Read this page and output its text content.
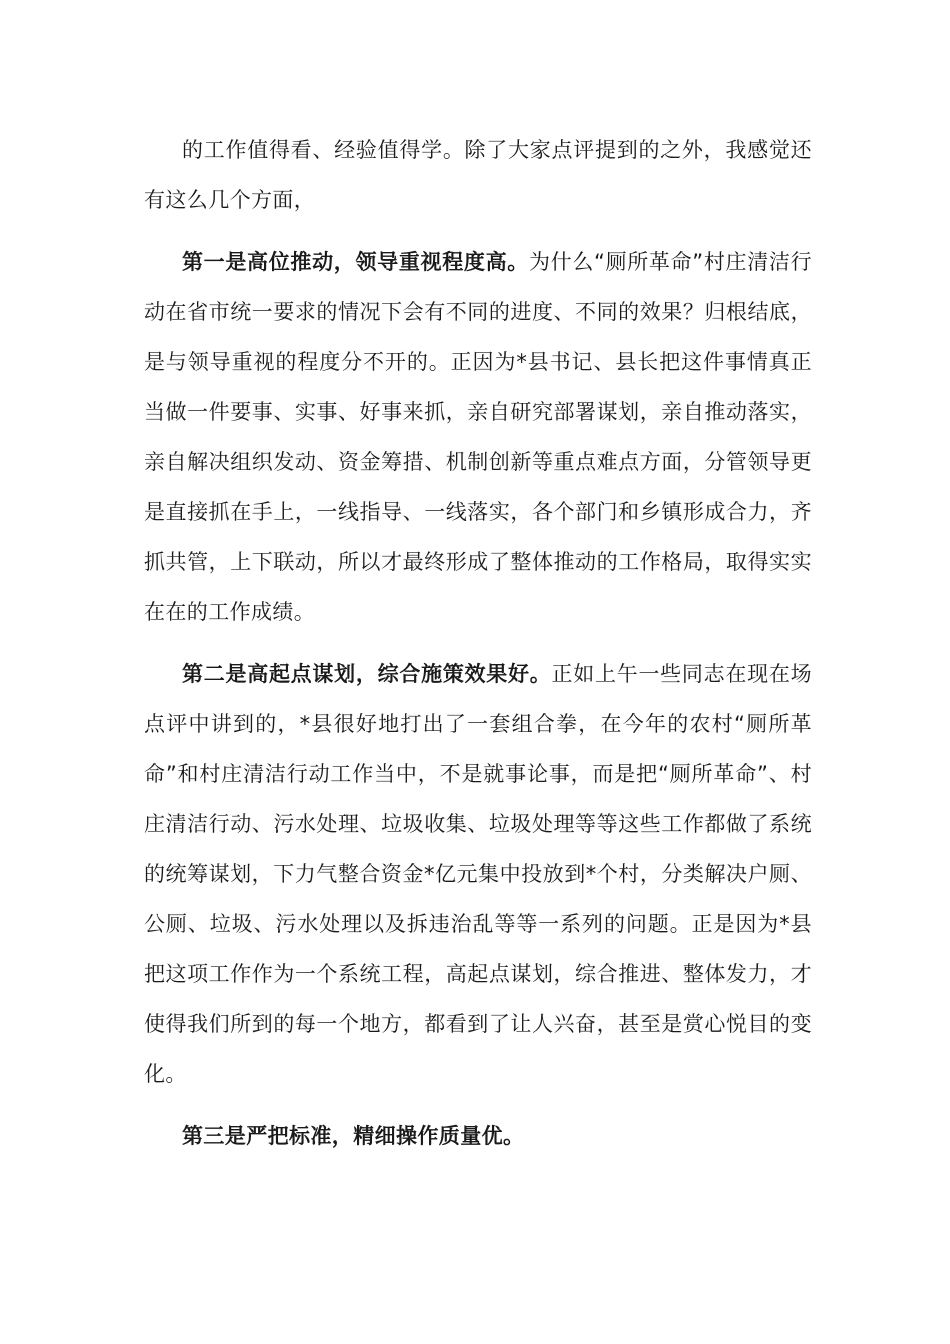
的工作值得看、经验值得学。除了大家点评提到的之外，我感觉还有这么几个方面，

第一是高位推动，领导重视程度高。为什么“厕所革命”村庄清洁行动在省市统一要求的情况下会有不同的进度、不同的效果？归根结底，是与领导重视的程度分不开的。正因为*县书记、县长把这件事情真正当做一件要事、实事、好事来抓，亲自研究部署谋划，亲自推动落实，亲自解决组织发动、资金筹措、机制创新等重点难点方面，分管领导更是直接抓在手上，一线指导、一线落实，各个部门和乡镇形成合力，齐抓共管，上下联动，所以才最终形成了整体推动的工作格局，取得实实在在的工作成绩。

第二是高起点谋划，综合施策效果好。正如上午一些同志在现在场点评中讲到的，*县很好地打出了一套组合拳，在今年的农村“厕所革命”和村庄清洁行动工作当中，不是就事论事，而是把“厕所革命”、村庄清洁行动、污水处理、垃圾收集、垃圾处理等等这些工作都做了系统的统筹谋划，下力气整合资金*亿元集中投放到*个村，分类解决户厕、公厕、垃圾、污水处理以及拆违治乱等等一系列的问题。正是因为*县把这项工作作为一个系统工程，高起点谋划，综合推进、整体发力，才使得我们所到的每一个地方，都看到了让人兴奋，甚至是赏心悦目的变化。

第三是严把标准，精细操作质量优。
